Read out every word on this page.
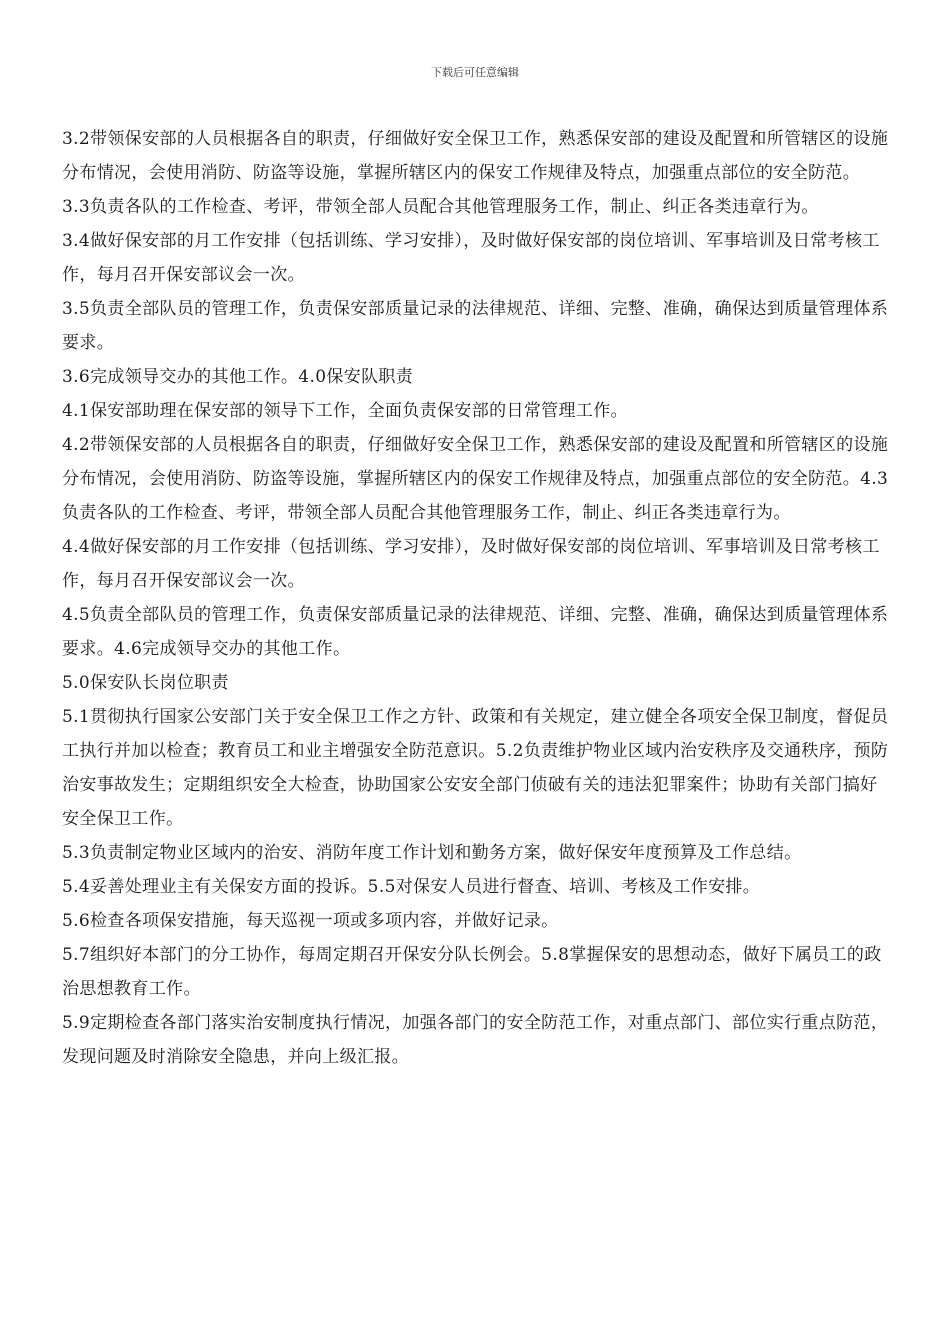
下载后可任意编辑

3.2带领保安部的人员根据各自的职责，仔细做好安全保卫工作，熟悉保安部的建设及配置和所管辖区的设施分布情况，会使用消防、防盗等设施，掌握所辖区内的保安工作规律及特点，加强重点部位的安全防范。

3.3负责各队的工作检查、考评，带领全部人员配合其他管理服务工作，制止、纠正各类违章行为。

3.4做好保安部的月工作安排（包括训练、学习安排），及时做好保安部的岗位培训、军事培训及日常考核工作，每月召开保安部议会一次。

3.5负责全部队员的管理工作，负责保安部质量记录的法律规范、详细、完整、准确，确保达到质量管理体系要求。

3.6完成领导交办的其他工作。4.0保安队职责

4.1保安部助理在保安部的领导下工作，全面负责保安部的日常管理工作。

4.2带领保安部的人员根据各自的职责，仔细做好安全保卫工作，熟悉保安部的建设及配置和所管辖区的设施分布情况，会使用消防、防盗等设施，掌握所辖区内的保安工作规律及特点，加强重点部位的安全防范。4.3负责各队的工作检查、考评，带领全部人员配合其他管理服务工作，制止、纠正各类违章行为。

4.4做好保安部的月工作安排（包括训练、学习安排），及时做好保安部的岗位培训、军事培训及日常考核工作，每月召开保安部议会一次。

4.5负责全部队员的管理工作，负责保安部质量记录的法律规范、详细、完整、准确，确保达到质量管理体系要求。4.6完成领导交办的其他工作。

5.0保安队长岗位职责

5.1贯彻执行国家公安部门关于安全保卫工作之方针、政策和有关规定，建立健全各项安全保卫制度，督促员工执行并加以检查；教育员工和业主增强安全防范意识。5.2负责维护物业区域内治安秩序及交通秩序，预防治安事故发生；定期组织安全大检查，协助国家公安安全部门侦破有关的违法犯罪案件；协助有关部门搞好安全保卫工作。

5.3负责制定物业区域内的治安、消防年度工作计划和勤务方案，做好保安年度预算及工作总结。

5.4妥善处理业主有关保安方面的投诉。5.5对保安人员进行督查、培训、考核及工作安排。

5.6检查各项保安措施，每天巡视一项或多项内容，并做好记录。

5.7组织好本部门的分工协作，每周定期召开保安分队长例会。5.8掌握保安的思想动态，做好下属员工的政治思想教育工作。

5.9定期检查各部门落实治安制度执行情况，加强各部门的安全防范工作，对重点部门、部位实行重点防范，发现问题及时消除安全隐患，并向上级汇报。
